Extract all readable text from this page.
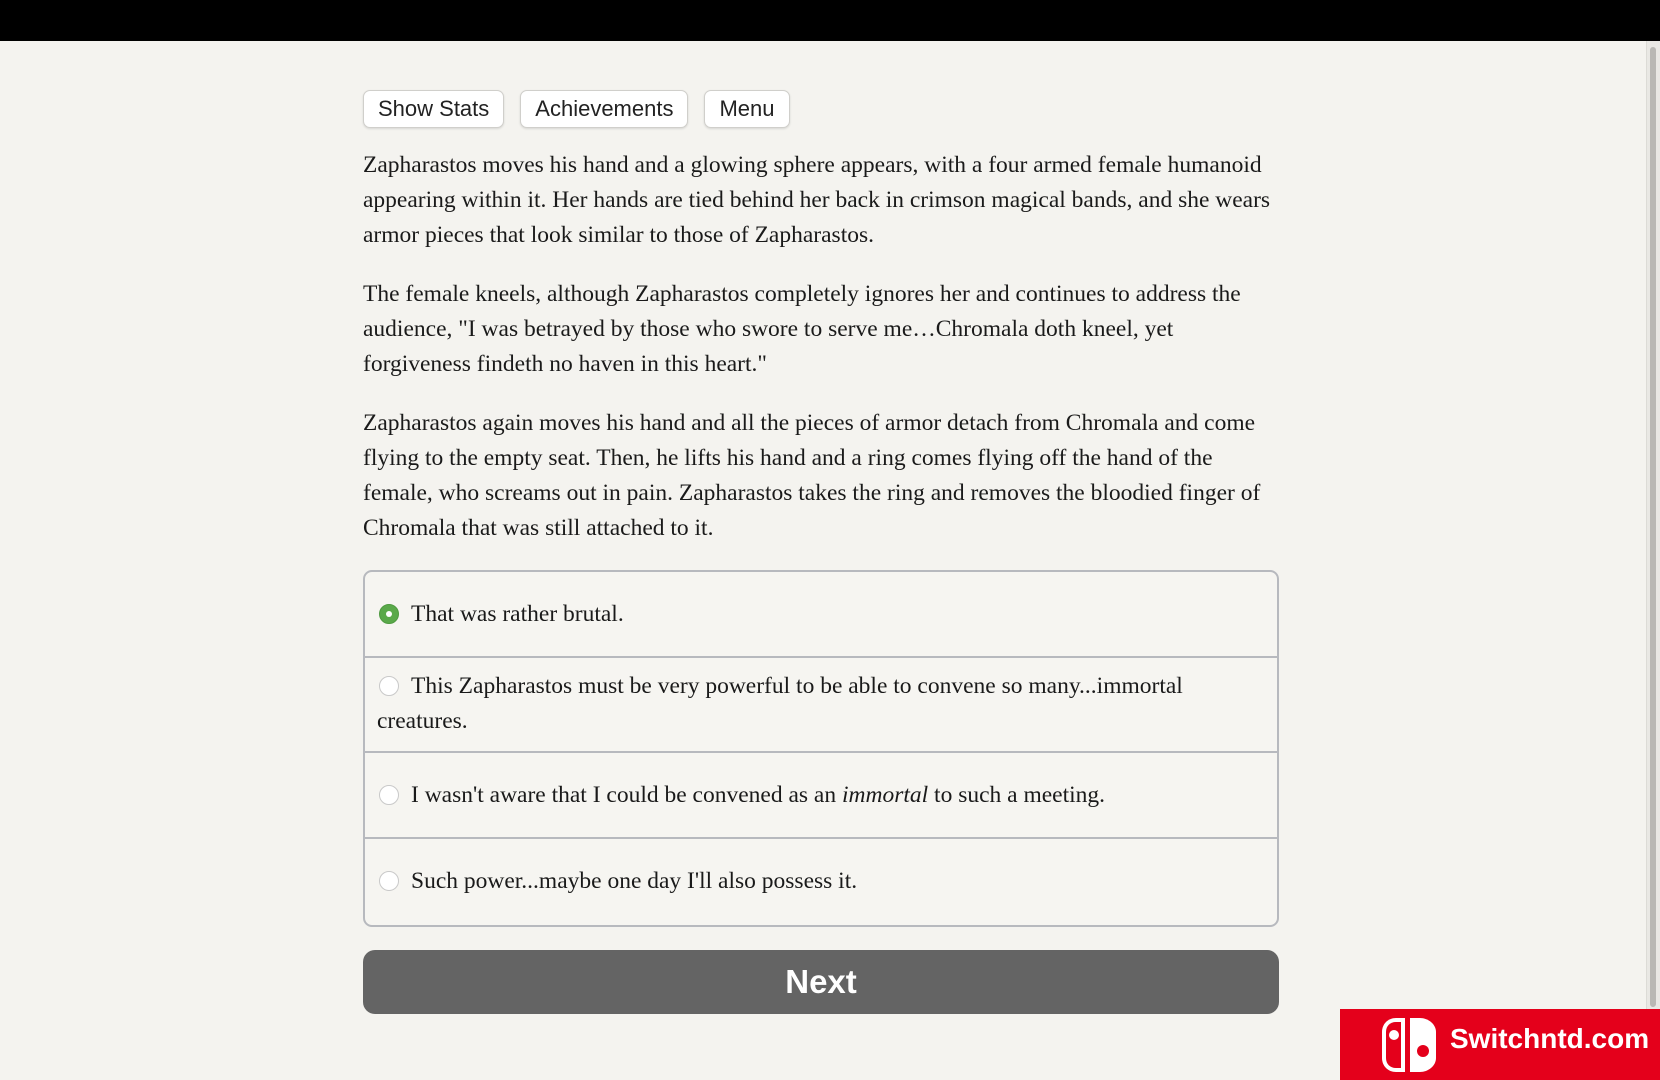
Show Stats	Achievements	Menu

Zapharastos moves his hand and a glowing sphere appears, with a four armed female humanoid appearing within it. Her hands are tied behind her back in crimson magical bands, and she wears armor pieces that look similar to those of Zapharastos.

The female kneels, although Zapharastos completely ignores her and continues to address the audience, "I was betrayed by those who swore to serve me…Chromala doth kneel, yet forgiveness findeth no haven in this heart."

Zapharastos again moves his hand and all the pieces of armor detach from Chromala and come flying to the empty seat. Then, he lifts his hand and a ring comes flying off the hand of the female, who screams out in pain. Zapharastos takes the ring and removes the bloodied finger of Chromala that was still attached to it.

That was rather brutal.
This Zapharastos must be very powerful to be able to convene so many...immortal creatures.
I wasn't aware that I could be convened as an immortal to such a meeting.
Such power...maybe one day I'll also possess it.
Next
Switchntd.com
